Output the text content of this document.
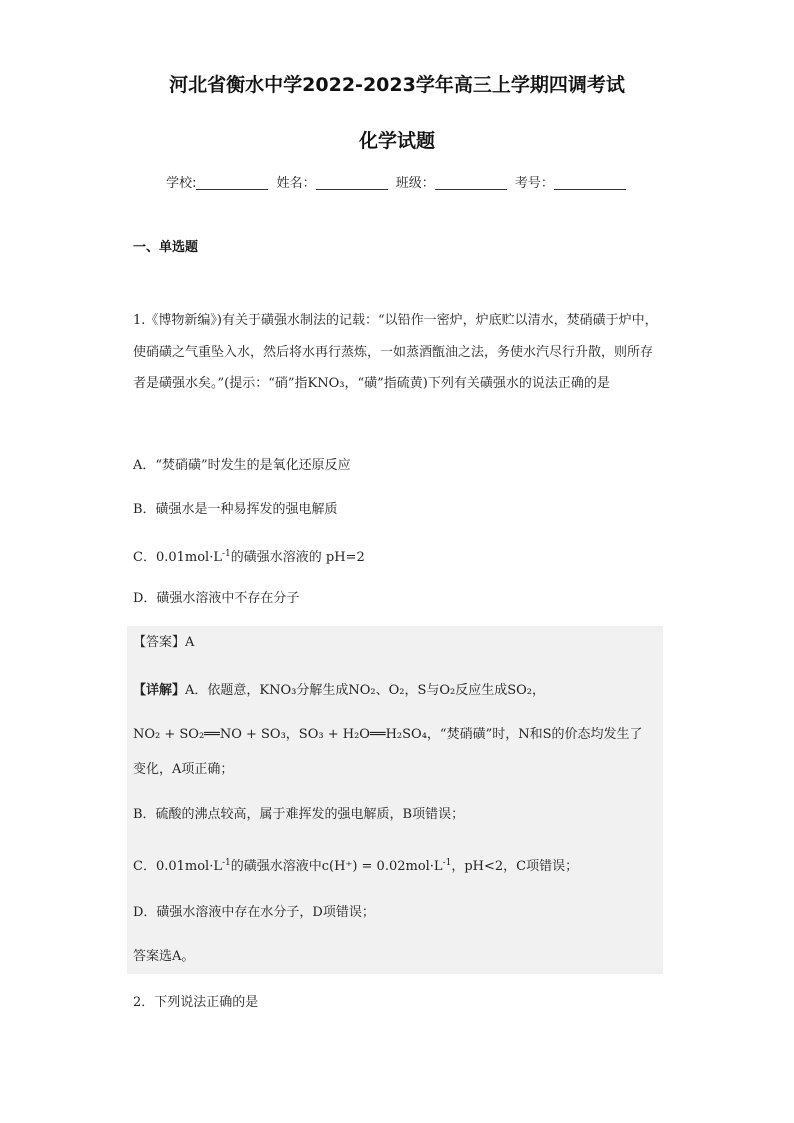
河北省衡水中学2022-2023学年高三上学期四调考试
化学试题
学校:	姓名：	班级：	考号：
一、单选题
1.《博物新编》)有关于磺强水制法的记载：“以铅作一密炉，炉底贮以清水，焚硝磺于炉中，使硝磺之气重坠入水，然后将水再行蒸炼，一如蒸酒甑油之法，务使水汽尽行升散，则所存者是磺强水矣。”(提示：“硝”指KNO₃，“磺”指硫黄)下列有关磺强水的说法正确的是
A．“焚硝磺”时发生的是氧化还原反应
B．磺强水是一种易挥发的强电解质
C．$0.01mol\cdot L^{-1}$的磺强水溶液的 pH=2
D．磺强水溶液中不存在分子
【答案】A
【详解】A．依题意，KNO₃分解生成NO₂、O₂，S与O₂反应生成SO₂，
NO₂ + SO₂══NO + SO₃，SO₃ + H₂O══H₂SO₄，“焚硝磺”时，N和S的价态均发生了
变化，A项正确；
B．硫酸的沸点较高，属于难挥发的强电解质，B项错误；
C．$0.01mol\cdot L^{-1}$的磺强水溶液中$c(H^+) = 0.02mol\cdot L^{-1}$，pH<2，C项错误；
D．磺强水溶液中存在水分子，D项错误；
答案选A。
2．下列说法正确的是
